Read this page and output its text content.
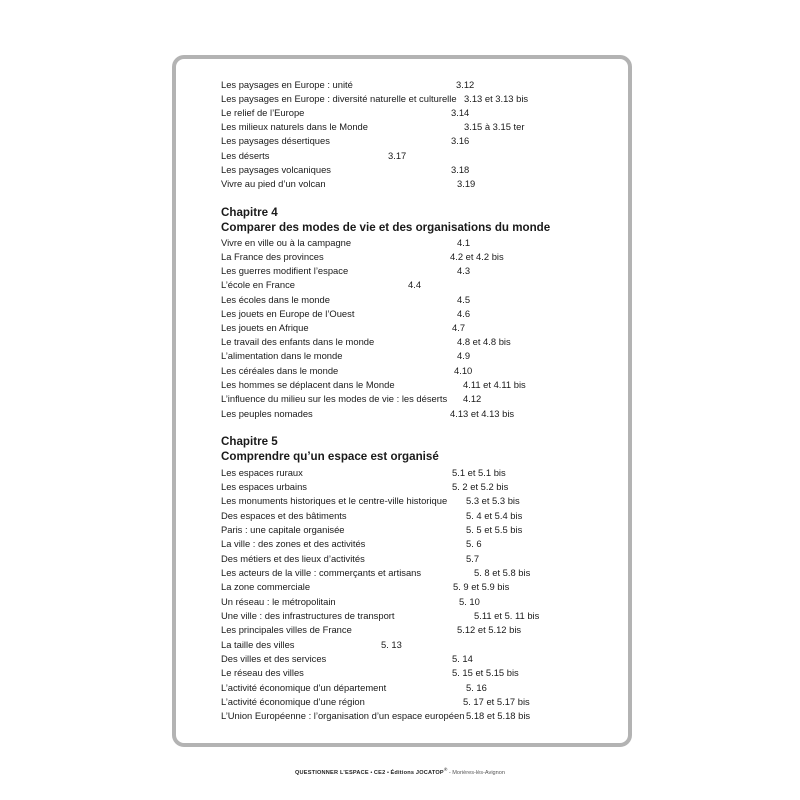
Les paysages en Europe : unité	3.12
Les paysages en Europe : diversité naturelle et culturelle 3.13 et 3.13 bis
Le relief de l’Europe	3.14
Les milieux naturels dans le Monde	3.15 à 3.15 ter
Les paysages désertiques	3.16
Les déserts	3.17
Les paysages volcaniques	3.18
Vivre au pied d’un volcan	3.19
Chapitre 4
Comparer des modes de vie et des organisations du monde
Vivre en ville ou à la campagne	4.1
La France des provinces	4.2 et 4.2 bis
Les guerres modifient l’espace	4.3
L’école en France	4.4
Les écoles dans le monde	4.5
Les jouets en Europe de l’Ouest	4.6
Les jouets en Afrique	4.7
Le travail des enfants dans le monde	4.8 et 4.8 bis
L’alimentation dans le monde	4.9
Les céréales dans le monde	4.10
Les hommes se déplacent dans le Monde	4.11 et 4.11 bis
L’influence du milieu sur les modes de vie : les déserts 4.12
Les peuples nomades	4.13 et 4.13 bis
Chapitre 5
Comprendre qu’un espace est organisé
Les espaces ruraux	5.1 et 5.1 bis
Les espaces urbains	5. 2 et 5.2 bis
Les monuments historiques et le centre-ville historique 5.3 et 5.3 bis
Des espaces et des bâtiments	5. 4 et 5.4 bis
Paris : une capitale organisée	5. 5 et 5.5 bis
La ville : des zones et des activités	5. 6
Des métiers et des lieux d’activités	5.7
Les acteurs de la ville : commerçants et artisans	5. 8 et 5.8 bis
La zone commerciale	5. 9 et 5.9 bis
Un réseau : le métropolitain	5. 10
Une ville : des infrastructures de transport	5.11 et 5. 11 bis
Les principales villes de France	5.12 et 5.12 bis
La taille des villes	5. 13
Des villes et des services	5. 14
Le réseau des villes	5. 15 et 5.15 bis
L’activité économique d’un département	5. 16
L’activité économique d’une région	5. 17 et 5.17 bis
L’Union Européenne : l’organisation d’un espace européen 5.18 et 5.18 bis
QUESTIONNER L’ESPACE • CE2 • Éditions JOCATOP® - Morières-lès-Avignon
